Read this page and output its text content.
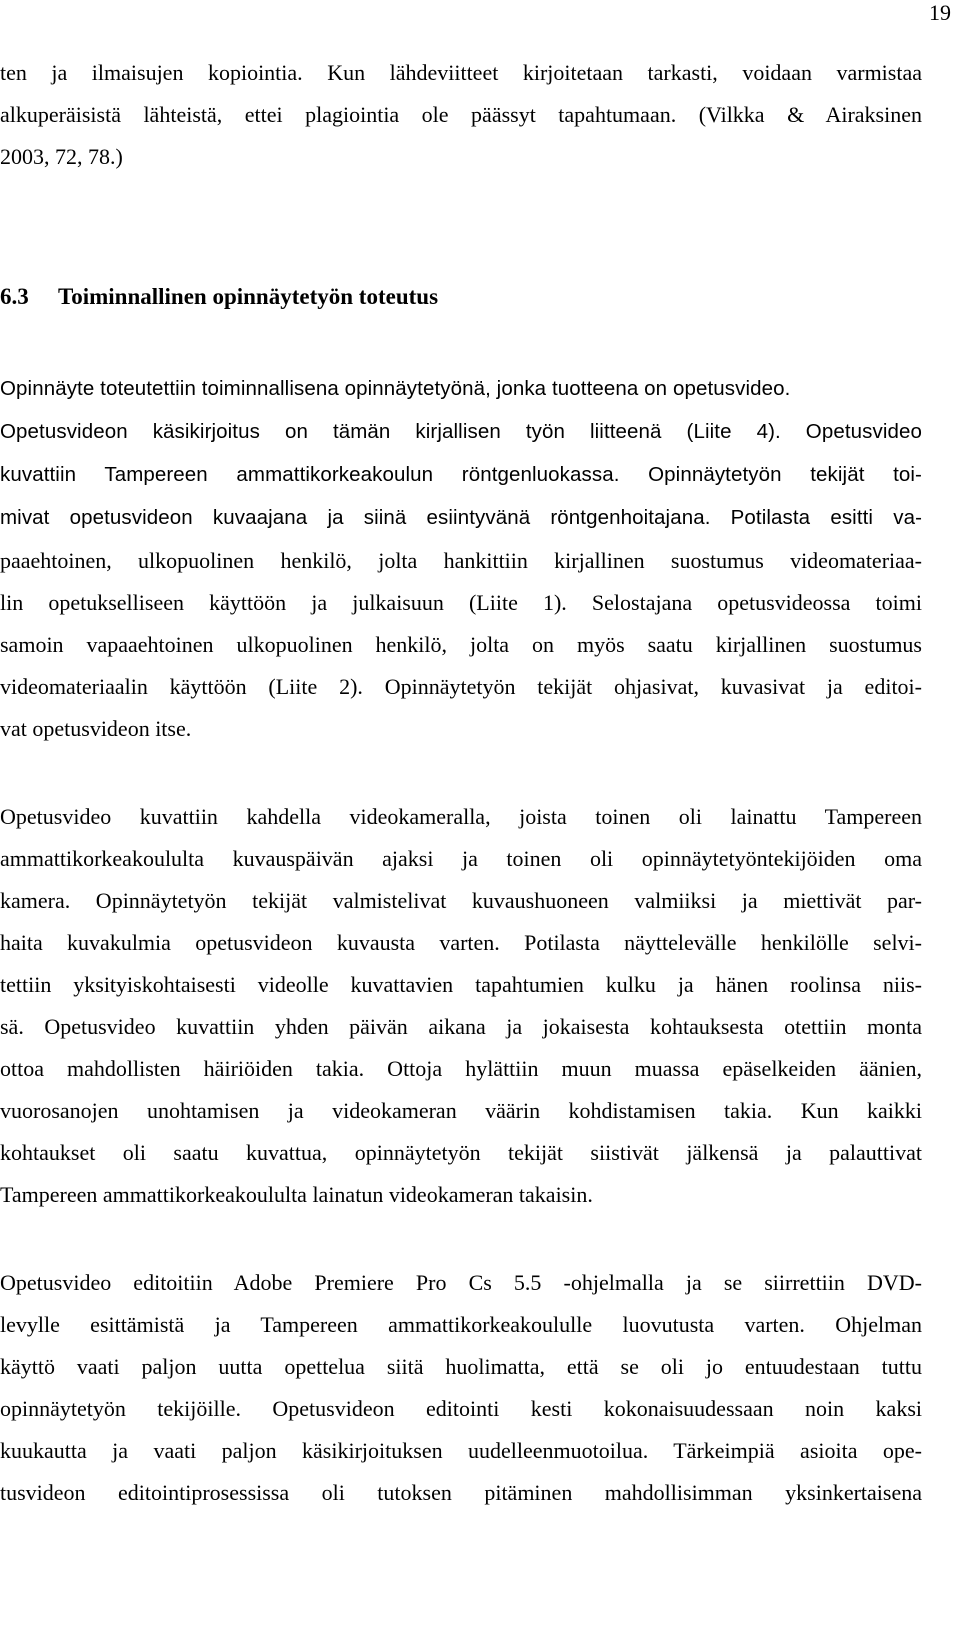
19
ten ja ilmaisujen kopiointia. Kun lähdeviitteet kirjoitetaan tarkasti, voidaan varmistaa
alkuperäisistä lähteistä, ettei plagiointia ole päässyt tapahtumaan. (Vilkka & Airaksinen
2003, 72, 78.)
6.3 Toiminnallinen opinnäytetyön toteutus
Opinnäyte toteutettiin toiminnallisena opinnäytetyönä, jonka tuotteena on opetusvideo.
Opetusvideon käsikirjoitus on tämän kirjallisen työn liitteenä (Liite 4). Opetusvideo
kuvattiin Tampereen ammattikorkeakoulun röntgenluokassa. Opinnäytetyön tekijät toi-
mivat opetusvideon kuvaajana ja siinä esiintyvänä röntgenhoitajana. Potilasta esitti va-
paaehtoinen, ulkopuolinen henkilö, jolta hankittiin kirjallinen suostumus videomateriaa-
lin opetukselliseen käyttöön ja julkaisuun (Liite 1). Selostajana opetusvideossa toimi
samoin vapaaehtoinen ulkopuolinen henkilö, jolta on myös saatu kirjallinen suostumus
videomateriaalin käyttöön (Liite 2). Opinnäytetyön tekijät ohjasivat, kuvasivat ja editoi-
vat opetusvideon itse.
Opetusvideo kuvattiin kahdella videokameralla, joista toinen oli lainattu Tampereen
ammattikorkeakoululta kuvauspäivän ajaksi ja toinen oli opinnäytetyöntekijöiden oma
kamera. Opinnäytetyön tekijät valmistelivat kuvaushuoneen valmiiksi ja miettivät par-
haita kuvakulmia opetusvideon kuvausta varten. Potilasta näyttelevälle henkilölle selvi-
tettiin yksityiskohtaisesti videolle kuvattavien tapahtumien kulku ja hänen roolinsa niis-
sä. Opetusvideo kuvattiin yhden päivän aikana ja jokaisesta kohtauksesta otettiin monta
ottoa mahdollisten häiriöiden takia. Ottoja hylättiin muun muassa epäselkeiden äänien,
vuorosanojen unohtamisen ja videokameran väärin kohdistamisen takia. Kun kaikki
kohtaukset oli saatu kuvattua, opinnäytetyön tekijät siistivät jälkensä ja palauttivat
Tampereen ammattikorkeakoululta lainatun videokameran takaisin.
Opetusvideo editoitiin Adobe Premiere Pro Cs 5.5 -ohjelmalla ja se siirrettiin DVD-
levylle esittämistä ja Tampereen ammattikorkeakoululle luovutusta varten. Ohjelman
käyttö vaati paljon uutta opettelua siitä huolimatta, että se oli jo entuudestaan tuttu
opinnäytetyön tekijöille. Opetusvideon editointi kesti kokonaisuudessaan noin kaksi
kuukautta ja vaati paljon käsikirjoituksen uudelleenmuotoilua. Tärkeimpiä asioita ope-
tusvideon editointiprosessissa oli tutoksen pitäminen mahdollisimman yksinkertaisena
